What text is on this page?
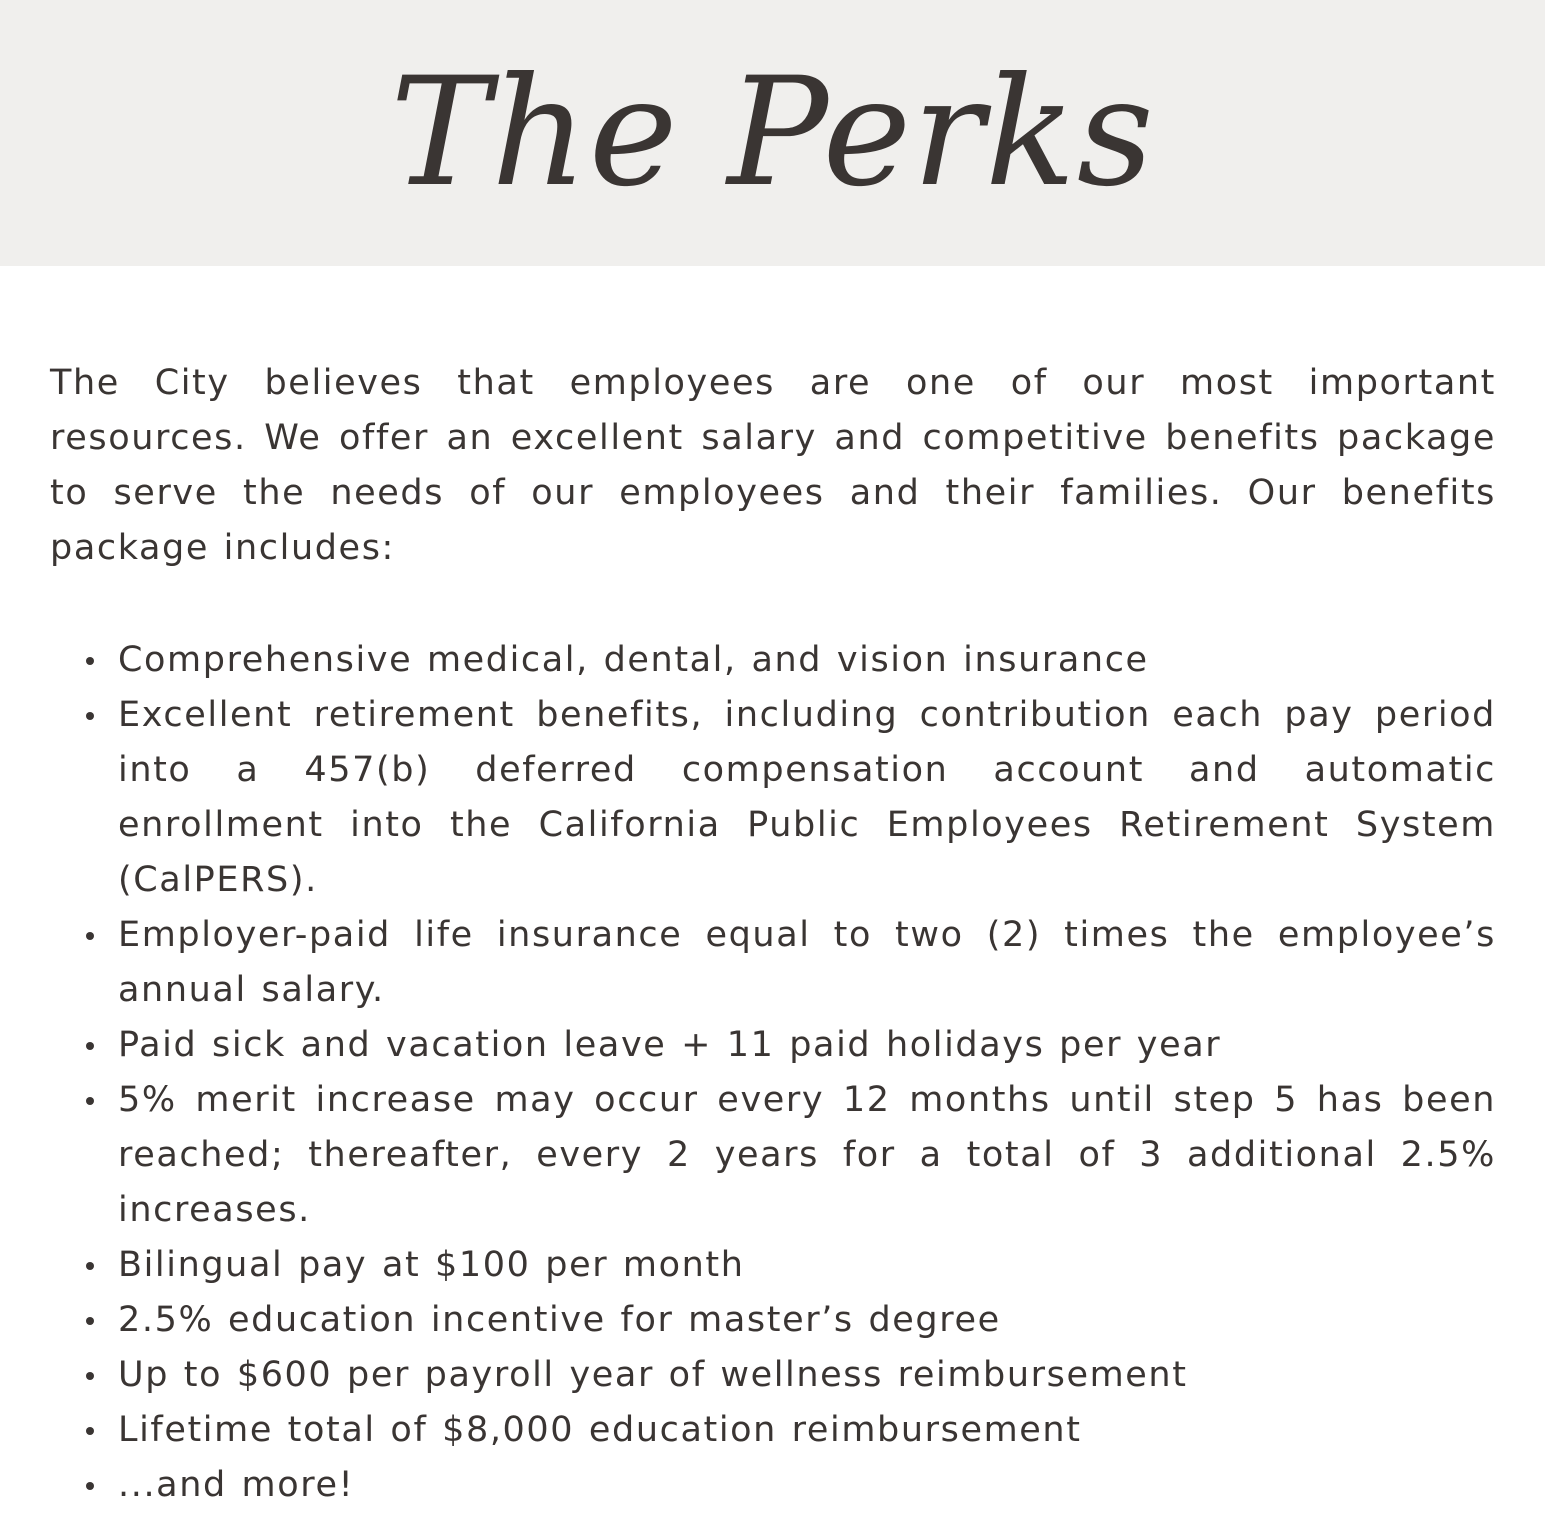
The Perks

The City believes that employees are one of our most important resources. We offer an excellent salary and competitive benefits package to serve the needs of our employees and their families. Our benefits package includes:

Comprehensive medical, dental, and vision insurance
Excellent retirement benefits, including contribution each pay period into a 457(b) deferred compensation account and automatic enrollment into the California Public Employees Retirement System (CalPERS).
Employer-paid life insurance equal to two (2) times the employee’s annual salary.
Paid sick and vacation leave + 11 paid holidays per year
5% merit increase may occur every 12 months until step 5 has been reached; thereafter, every 2 years for a total of 3 additional 2.5% increases.
Bilingual pay at $100 per month
2.5% education incentive for master’s degree
Up to $600 per payroll year of wellness reimbursement
Lifetime total of $8,000 education reimbursement
...and more!
